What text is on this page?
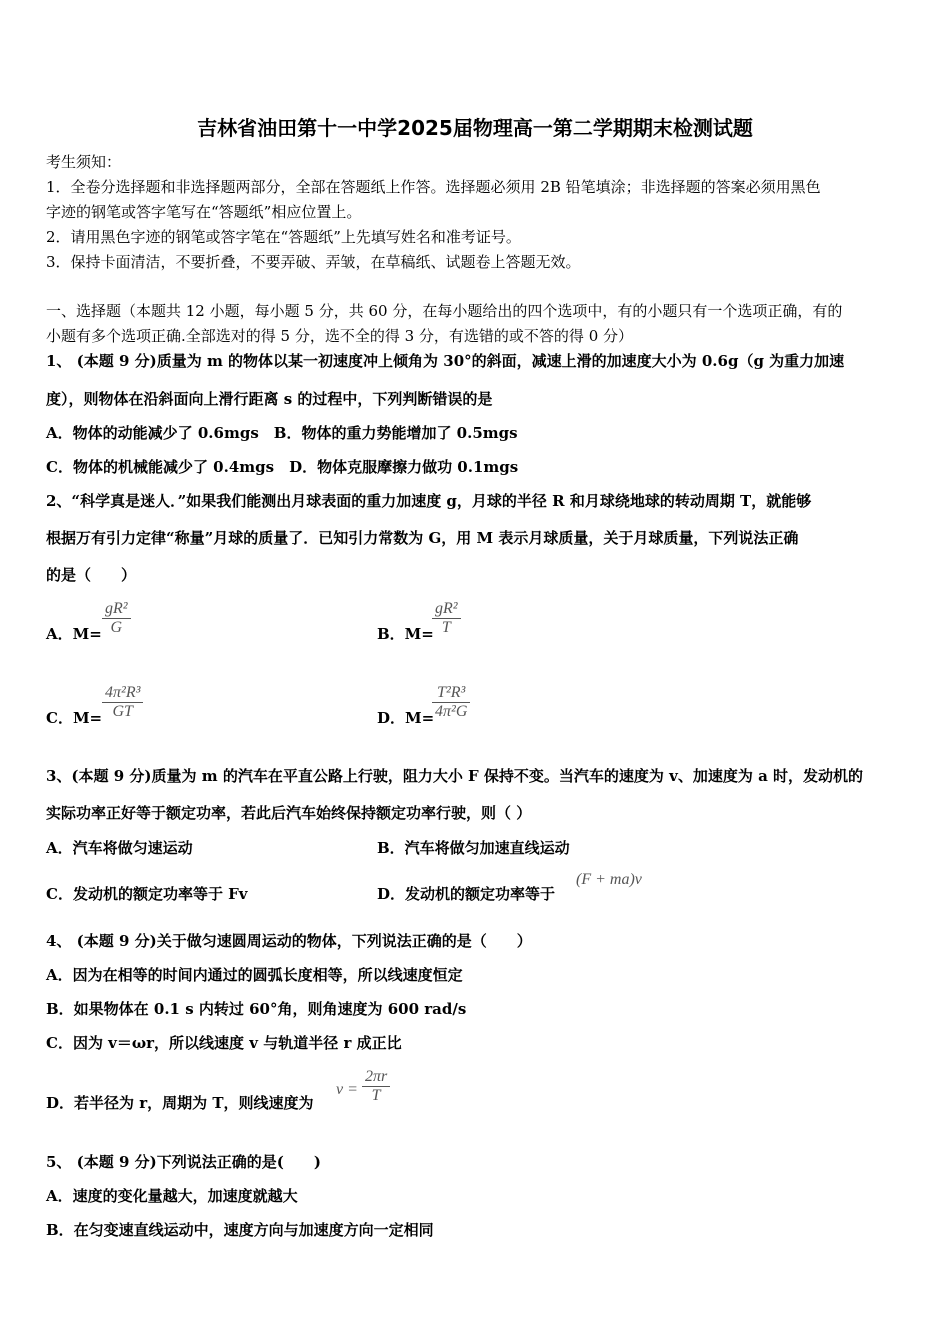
吉林省油田第十一中学2025届物理高一第二学期期末检测试题
考生须知：
1．全卷分选择题和非选择题两部分，全部在答题纸上作答。选择题必须用 2B 铅笔填涂；非选择题的答案必须用黑色
字迹的钢笔或答字笔写在“答题纸”相应位置上。
2．请用黑色字迹的钢笔或答字笔在“答题纸”上先填写姓名和准考证号。
3．保持卡面清洁，不要折叠，不要弄破、弄皱，在草稿纸、试题卷上答题无效。
一、选择题（本题共 12 小题，每小题 5 分，共 60 分，在每小题给出的四个选项中，有的小题只有一个选项正确，有的
小题有多个选项正确.全部选对的得 5 分，选不全的得 3 分，有选错的或不答的得 0 分）
1、 (本题 9 分)质量为 m 的物体以某一初速度冲上倾角为 30°的斜面，减速上滑的加速度大小为 0.6g（g 为重力加速
度），则物体在沿斜面向上滑行距离 s 的过程中，下列判断错误的是
A．物体的动能减少了 0.6mgs　B．物体的重力势能增加了 0.5mgs
C．物体的机械能减少了 0.4mgs　D．物体克服摩擦力做功 0.1mgs
2、“科学真是迷人．”如果我们能测出月球表面的重力加速度 g，月球的半径 R 和月球绕地球的转动周期 T，就能够
根据万有引力定律“称量”月球的质量了．已知引力常数为 G，用 M 表示月球质量，关于月球质量，下列说法正确
的是（　　）
A．M=
gR²
G	B．M=
gR²
T
C．M=
4π²R³
GT	D．M=
T²R³
4π²G
3、(本题 9 分)质量为 m 的汽车在平直公路上行驶，阻力大小 F 保持不变。当汽车的速度为 v、加速度为 a 时，发动机的
实际功率正好等于额定功率，若此后汽车始终保持额定功率行驶，则（ ）
A．汽车将做匀速运动	B．汽车将做匀加速直线运动
C．发动机的额定功率等于 Fv	D．发动机的额定功率等于
(F + ma)v
4、 (本题 9 分)关于做匀速圆周运动的物体，下列说法正确的是（　　）
A．因为在相等的时间内通过的圆弧长度相等，所以线速度恒定
B．如果物体在 0.1 s 内转过 60°角，则角速度为 600 rad/s
C．因为 v＝ωr，所以线速度 v 与轨道半径 r 成正比
D．若半径为 r，周期为 T，则线速度为
v =
2πr
T
5、 (本题 9 分)下列说法正确的是(　　)
A．速度的变化量越大，加速度就越大
B．在匀变速直线运动中，速度方向与加速度方向一定相同
